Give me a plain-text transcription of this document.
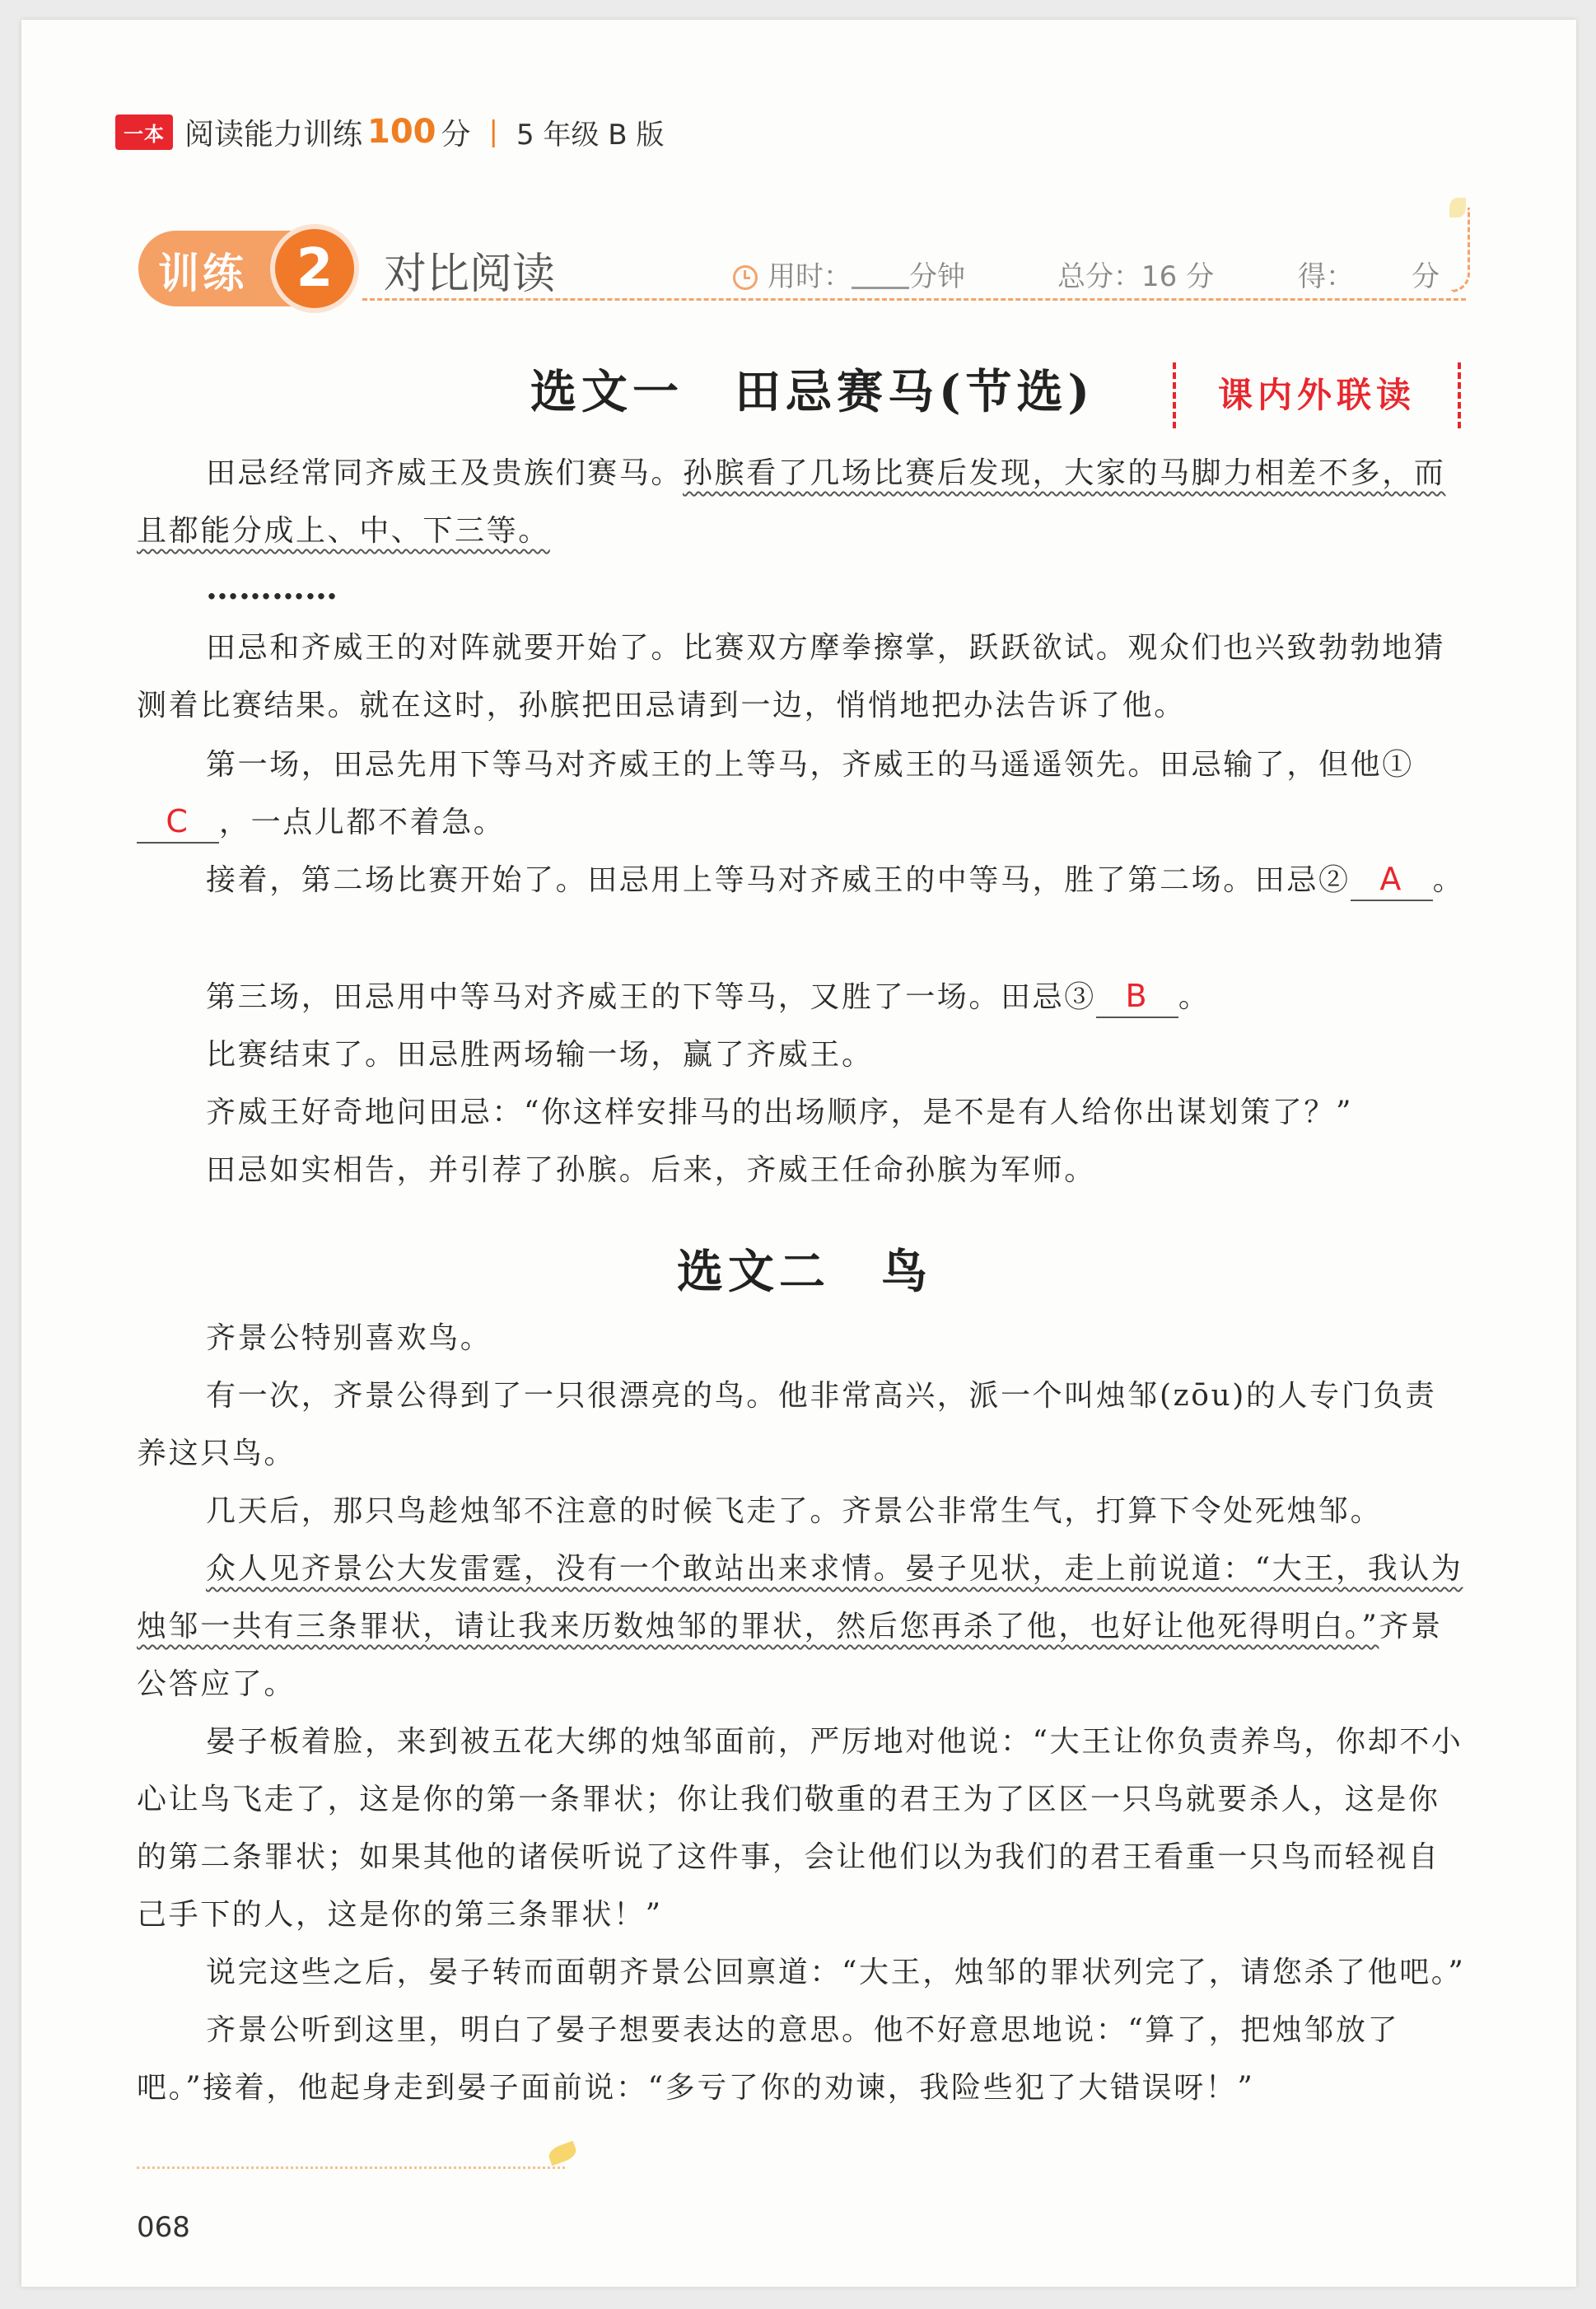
一本 阅读能力训练 100 分 | 5 年级 B 版
训练 2	对比阅读	用时： 分钟	总分：16 分	得： 分
选文一　田忌赛马(节选)	课内外联读

田忌经常同齐威王及贵族们赛马。孙膑看了几场比赛后发现，大家的马脚力相差不多，而且都能分成上、中、下三等。

…………

田忌和齐威王的对阵就要开始了。比赛双方摩拳擦掌，跃跃欲试。观众们也兴致勃勃地猜测着比赛结果。就在这时，孙膑把田忌请到一边，悄悄地把办法告诉了他。

第一场，田忌先用下等马对齐威王的上等马，齐威王的马遥遥领先。田忌输了，但他①C ，一点儿都不着急。

接着，第二场比赛开始了。田忌用上等马对齐威王的中等马，胜了第二场。田忌② A 。

第三场，田忌用中等马对齐威王的下等马，又胜了一场。田忌③ B 。

比赛结束了。田忌胜两场输一场，赢了齐威王。

齐威王好奇地问田忌：“你这样安排马的出场顺序，是不是有人给你出谋划策了？”

田忌如实相告，并引荐了孙膑。后来，齐威王任命孙膑为军师。

选文二　鸟

齐景公特别喜欢鸟。

有一次，齐景公得到了一只很漂亮的鸟。他非常高兴，派一个叫烛邹(zōu)的人专门负责养这只鸟。

几天后，那只鸟趁烛邹不注意的时候飞走了。齐景公非常生气，打算下令处死烛邹。

众人见齐景公大发雷霆，没有一个敢站出来求情。晏子见状，走上前说道：“大王，我认为烛邹一共有三条罪状，请让我来历数烛邹的罪状，然后您再杀了他，也好让他死得明白。”齐景公答应了。

晏子板着脸，来到被五花大绑的烛邹面前，严厉地对他说：“大王让你负责养鸟，你却不小心让鸟飞走了，这是你的第一条罪状；你让我们敬重的君王为了区区一只鸟就要杀人，这是你的第二条罪状；如果其他的诸侯听说了这件事，会让他们以为我们的君王看重一只鸟而轻视自己手下的人，这是你的第三条罪状！”

说完这些之后，晏子转而面朝齐景公回禀道：“大王，烛邹的罪状列完了，请您杀了他吧。”

齐景公听到这里，明白了晏子想要表达的意思。他不好意思地说：“算了，把烛邹放了吧。”接着，他起身走到晏子面前说：“多亏了你的劝谏，我险些犯了大错误呀！”

068
